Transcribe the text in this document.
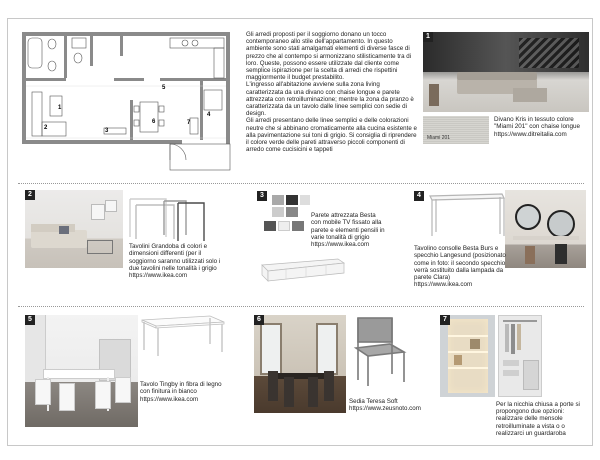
1
2	3
4
5
6	7

Gli arredi proposti per il soggiorno donano un tocco contemporaneo allo stile dell'appartamento. In questo ambiente sono stati amalgamati elementi di diverse fasce di prezzo che al contempo si armonizzano stilisticamente tra di loro. Queste, possono essere utilizzate dal cliente come semplice ispirazione per la scelta di arredi che rispettini maggiormente il budget prestabilito.

L'ingresso all'abitazione avviene sulla zona living caratterizzata da una divano con chaise longue e parete attrezzata con retroilluminazione; mentre la zona da pranzo è caratterizzata da un tavolo dalle linee semplici con sedie di design.

Gli arredi presentano delle linee semplici e delle colorazioni neutre che si abbinano cromaticamente alla cucina esistente e alla pavimentazione sui toni di grigio. Si consiglia di riprendere il colore verde delle pareti attraverso piccoli componenti di arredo come cucisicini e tappeti

1
Miami 201

Divano Kris in tessuto colore "Miami 201" con chaise longue

https://www.ditreitalia.com

2

Tavolini Grandoba di colori e dimensioni differenti (per il soggiorno saranno utilizzati solo i due tavolini nelle tonalità i grigio

https://www.ikea.com

3

Parete attrezzata Besta con mobile TV fissato alla parete e elementi pensili in varie tonalità di grigio

https://www.ikea.com

4

Tavolino consolle Besta Burs e specchio Langesund (posizionato come in foto: il secondo specchio verrà sostituito dalla lampada da parete Clara)

https://www.ikea.com

5

Tavolo Tingby in fibra di legno con finitura in bianco

https://www.ikea.com

6

Sedia Teresa Soft

https://www.zeusnoto.com

7

Per la nicchia chiusa a porte si propongono due opzioni: realizzare delle mensole retroilluminate a vista o o realizzarci un guardaroba
